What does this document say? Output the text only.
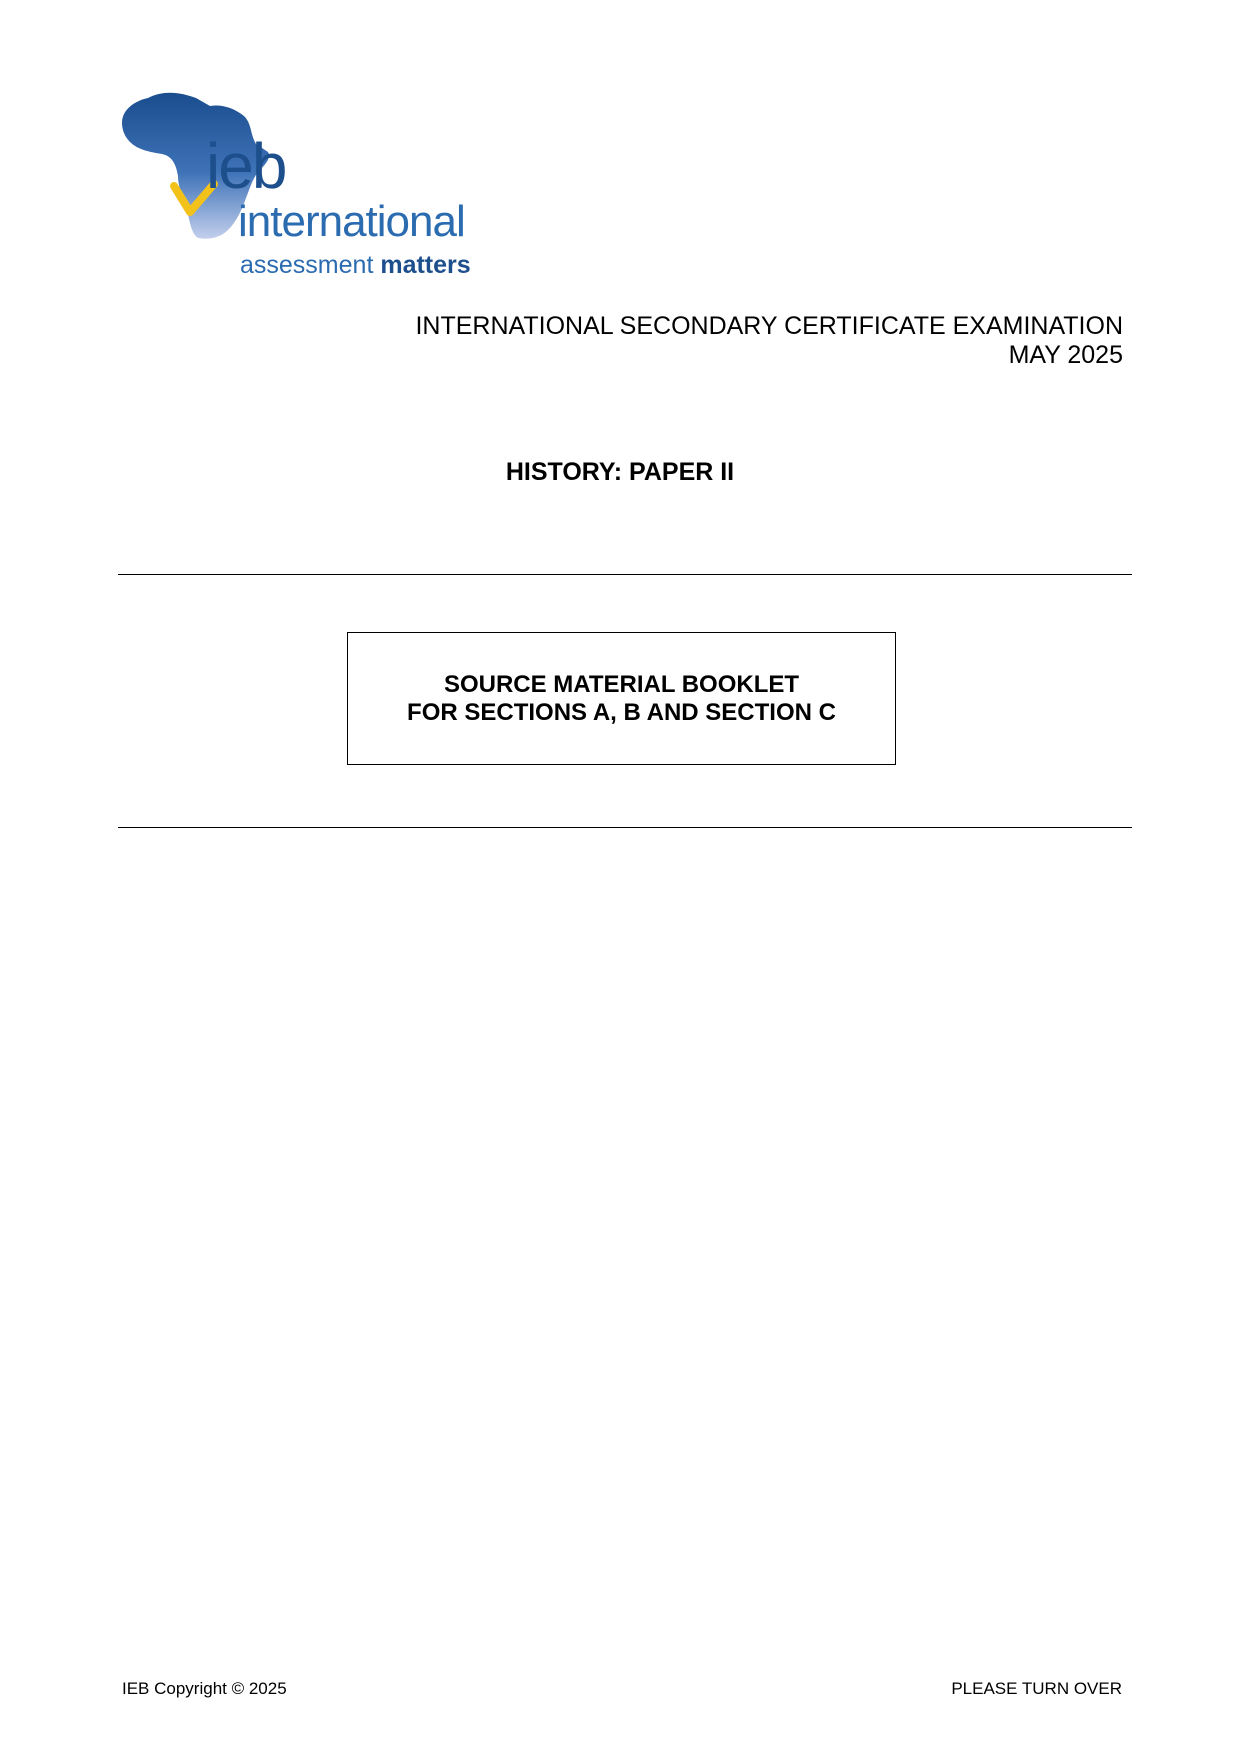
ieb
international
assessment matters
INTERNATIONAL SECONDARY CERTIFICATE EXAMINATION
MAY 2025
HISTORY: PAPER II
SOURCE MATERIAL BOOKLET
FOR SECTIONS A, B AND SECTION C
IEB Copyright © 2025	PLEASE TURN OVER
